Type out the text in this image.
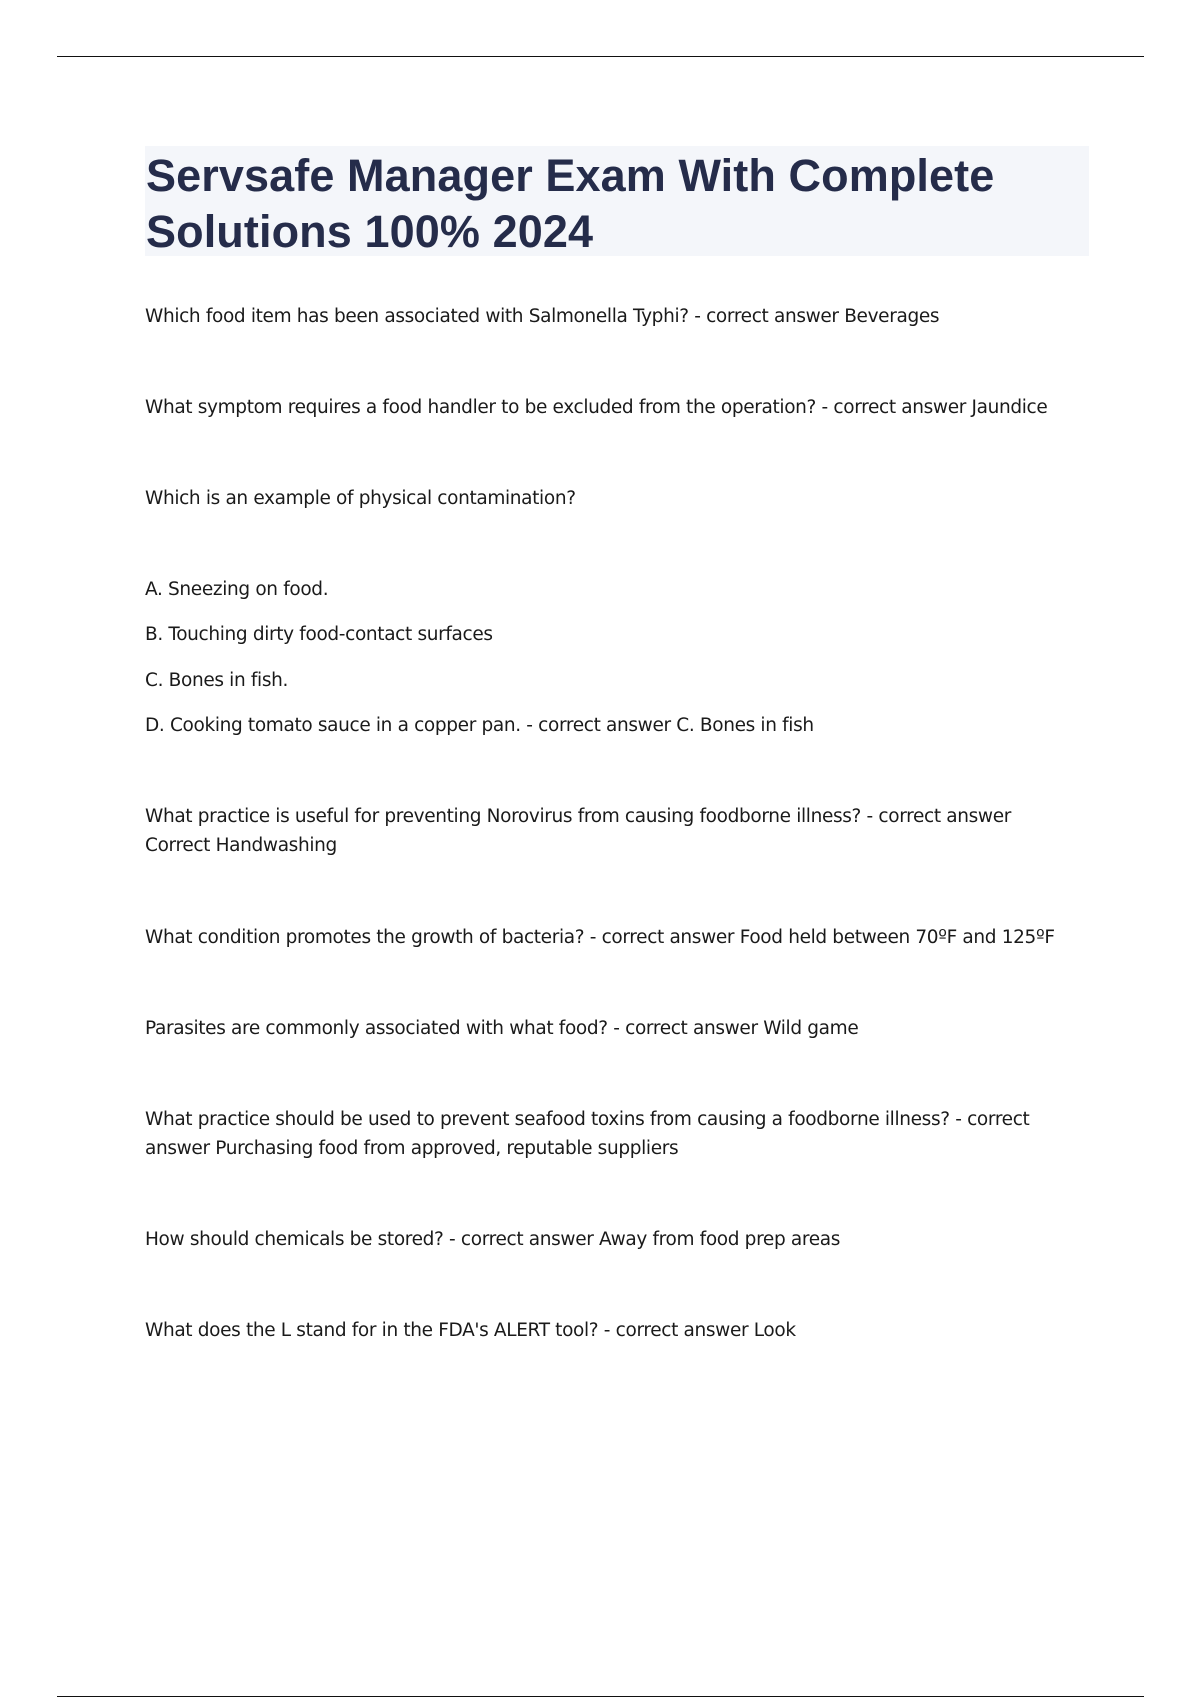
Servsafe Manager Exam With Complete Solutions 100% 2024

Which food item has been associated with Salmonella Typhi? - correct answer Beverages

What symptom requires a food handler to be excluded from the operation? - correct answer Jaundice

Which is an example of physical contamination?

A. Sneezing on food.

B. Touching dirty food-contact surfaces

C. Bones in fish.

D. Cooking tomato sauce in a copper pan. - correct answer C. Bones in fish

What practice is useful for preventing Norovirus from causing foodborne illness? - correct answer Correct Handwashing

What condition promotes the growth of bacteria? - correct answer Food held between 70ºF and 125ºF

Parasites are commonly associated with what food? - correct answer Wild game

What practice should be used to prevent seafood toxins from causing a foodborne illness? - correct answer Purchasing food from approved, reputable suppliers

How should chemicals be stored? - correct answer Away from food prep areas

What does the L stand for in the FDA's ALERT tool? - correct answer Look
